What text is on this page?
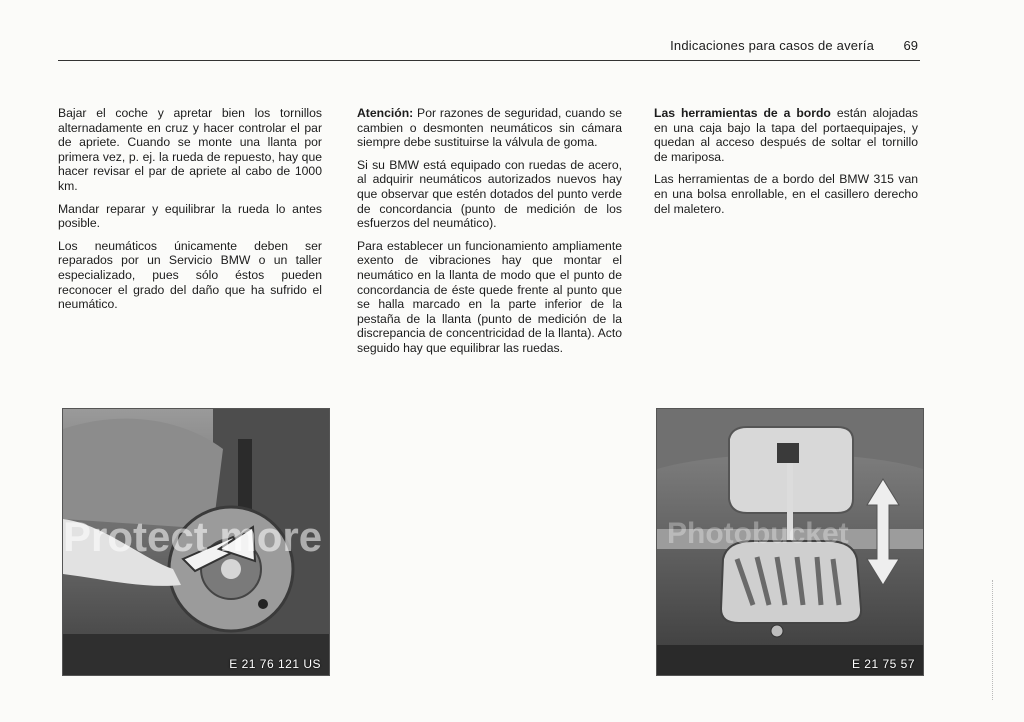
Indicaciones para casos de avería 69

Bajar el coche y apretar bien los tornillos alternadamente en cruz y hacer controlar el par de apriete. Cuando se monte una llanta por primera vez, p. ej. la rueda de repuesto, hay que hacer revisar el par de apriete al cabo de 1000 km.

Mandar reparar y equilibrar la rueda lo antes posible.

Los neumáticos únicamente deben ser reparados por un Servicio BMW o un taller especializado, pues sólo éstos pueden reconocer el grado del daño que ha sufrido el neumático.

Atención: Por razones de seguridad, cuando se cambien o desmonten neumáticos sin cámara siempre debe sustituirse la válvula de goma.

Si su BMW está equipado con ruedas de acero, al adquirir neumáticos autorizados nuevos hay que observar que estén dotados del punto verde de concordancia (punto de medición de los esfuerzos del neumático).

Para establecer un funcionamiento ampliamente exento de vibraciones hay que montar el neumático en la llanta de modo que el punto de concordancia de éste quede frente al punto que se halla marcado en la parte inferior de la pestaña de la llanta (punto de medición de la discrepancia de concentricidad de la llanta). Acto seguido hay que equilibrar las ruedas.

Las herramientas de a bordo están alojadas en una caja bajo la tapa del portaequipajes, y quedan al acceso después de soltar el tornillo de mariposa.

Las herramientas de a bordo del BMW 315 van en una bolsa enrollable, en el casillero derecho del maletero.

Protect more
E 21 76 121 US
Photobucket
E 21 75 57
